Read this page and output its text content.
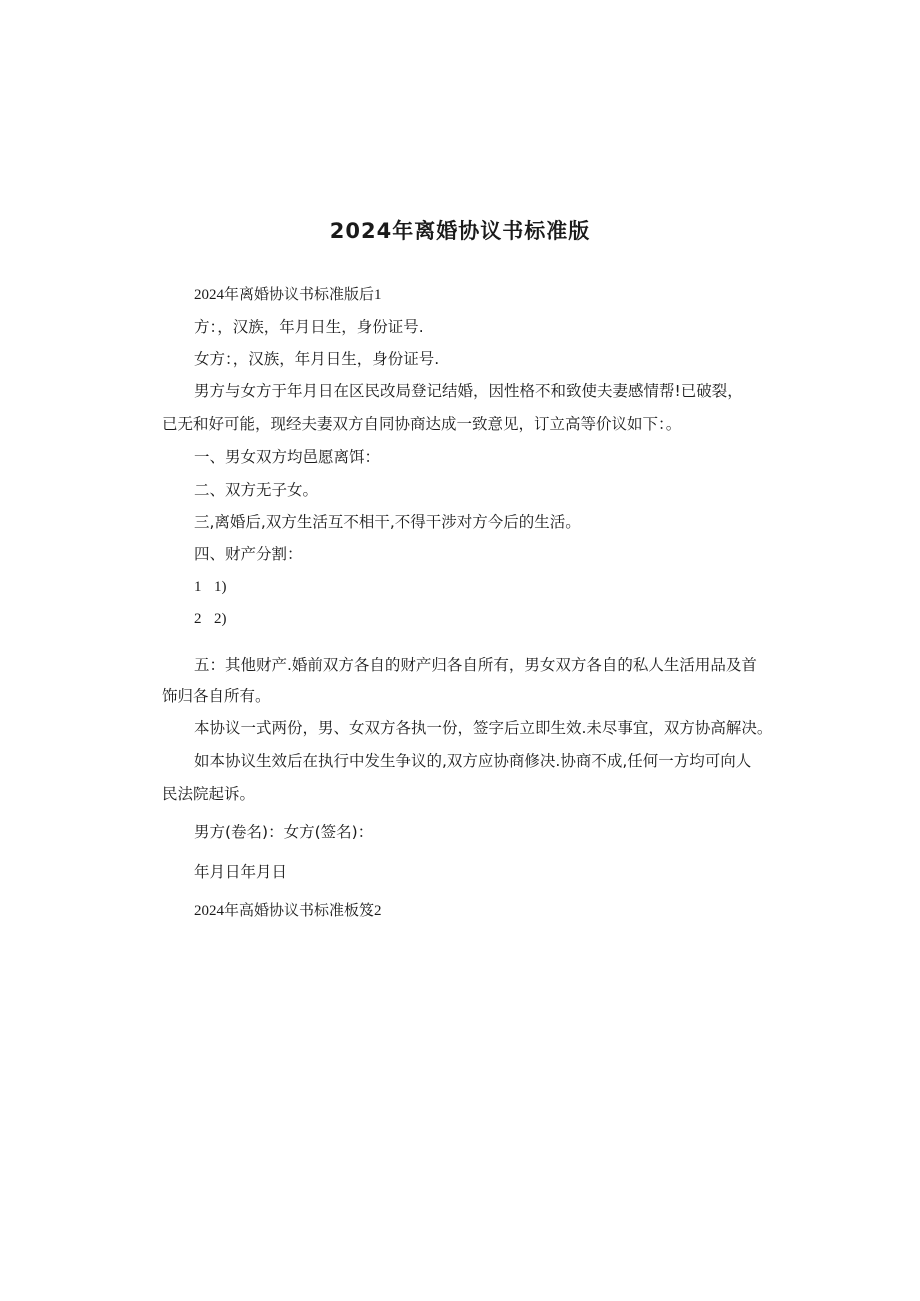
2024年离婚协议书标准版

2024年离婚协议书标准版后1

方：，汉族，年月日生，身份证号.

女方：，汉族，年月日生，身份证号.

男方与女方于年月日在区民改局登记结婚，因性格不和致使夫妻感情帮!已破裂，

已无和好可能，现经夫妻双方自同协商达成一致意见，订立高等价议如下：。

一、男女双方均邑愿离饵：

二、双方无子女。

三,离婚后,双方生活互不相干,不得干涉对方今后的生活。

四、财产分割：

1 1)

2 2)

五：其他财产.婚前双方各自的财产归各自所有，男女双方各自的私人生活用品及首

饰归各自所有。

本协议一式两份，男、女双方各执一份，签字后立即生效.未尽事宜，双方协高解决。

如本协议生效后在执行中发生争议的,双方应协商修决.协商不成,任何一方均可向人

民法院起诉。

男方(卷名)：女方(签名)：

年月日年月日

2024年高婚协议书标准板笈2
